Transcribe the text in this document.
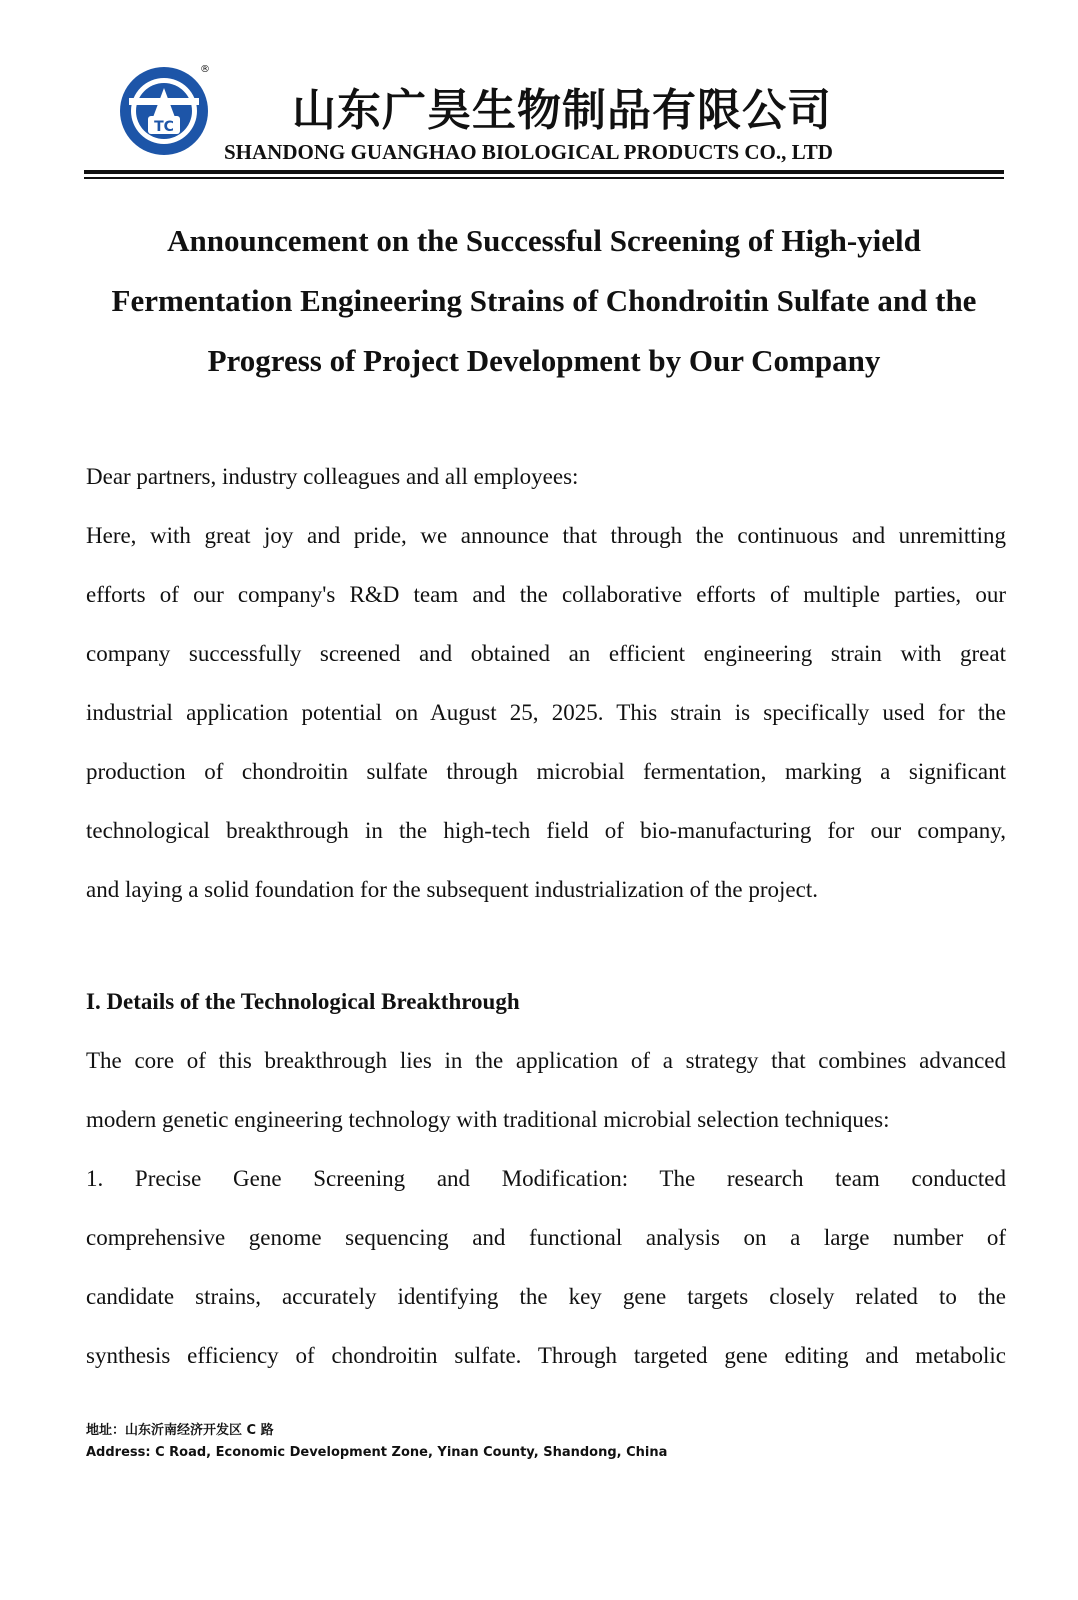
TC
®
山东广昊生物制品有限公司
SHANDONG GUANGHAO BIOLOGICAL PRODUCTS CO., LTD
Announcement on the Successful Screening of High-yield
Fermentation Engineering Strains of Chondroitin Sulfate and the
Progress of Project Development by Our Company
Dear partners, industry colleagues and all employees:
Here, with great joy and pride, we announce that through the continuous and unremitting
efforts of our company's R&D team and the collaborative efforts of multiple parties, our
company successfully screened and obtained an efficient engineering strain with great
industrial application potential on August 25, 2025. This strain is specifically used for the
production of chondroitin sulfate through microbial fermentation, marking a significant
technological breakthrough in the high-tech field of bio-manufacturing for our company,
and laying a solid foundation for the subsequent industrialization of the project.
I. Details of the Technological Breakthrough
The core of this breakthrough lies in the application of a strategy that combines advanced
modern genetic engineering technology with traditional microbial selection techniques:
1. Precise Gene Screening and Modification: The research team conducted
comprehensive genome sequencing and functional analysis on a large number of
candidate strains, accurately identifying the key gene targets closely related to the
synthesis efficiency of chondroitin sulfate. Through targeted gene editing and metabolic
地址：山东沂南经济开发区 C 路
Address: C Road, Economic Development Zone, Yinan County, Shandong, China
